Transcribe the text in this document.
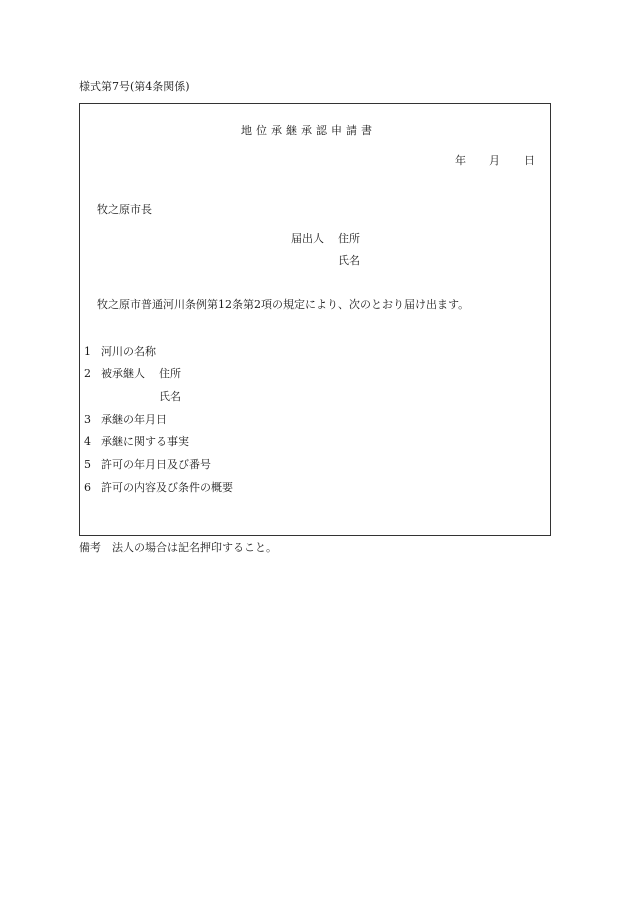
様式第7号(第4条関係)
地位承継承認申請書
年 月 日
牧之原市長
届出人 住所
氏名
牧之原市普通河川条例第12条第2項の規定により、次のとおり届け出ます。
1 河川の名称
2 被承継人 住所
氏名
3 承継の年月日
4 承継に関する事実
5 許可の年月日及び番号
6 許可の内容及び条件の概要
備考　法人の場合は記名押印すること。
